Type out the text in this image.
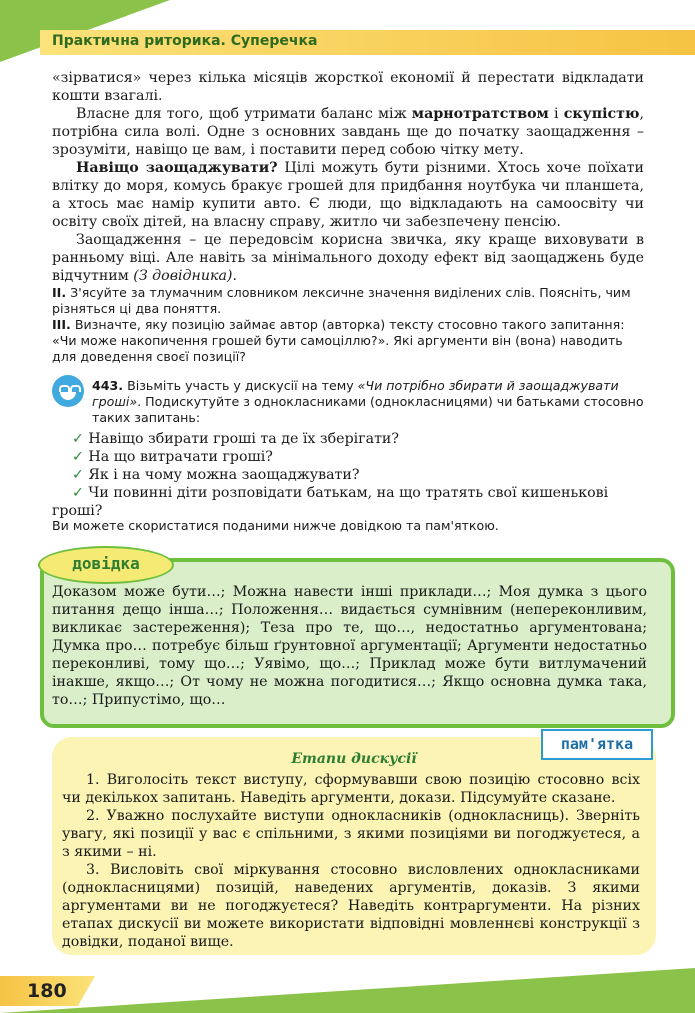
Практична риторика. Суперечка

«зірватися» через кілька місяців жорсткої економії й перестати відкладати кошти взагалі.

Власне для того, щоб утримати баланс між марнотратством і скупістю, потрібна сила волі. Одне з основних завдань ще до початку заощадження – зрозуміти, навіщо це вам, і поставити перед собою чітку мету.

Навіщо заощаджувати? Цілі можуть бути різними. Хтось хоче поїхати влітку до моря, комусь бракує грошей для придбання ноутбука чи планшета, а хтось має намір купити авто. Є люди, що відкладають на самоосвіту чи освіту своїх дітей, на власну справу, житло чи забезпечену пенсію.

Заощадження – це передовсім корисна звичка, яку краще виховувати в ранньому віці. Але навіть за мінімального доходу ефект від заощаджень буде відчутним (З довідника).

II. З'ясуйте за тлумачним словником лексичне значення виділених слів. Поясніть, чим різняться ці два поняття.
III. Визначте, яку позицію займає автор (авторка) тексту стосовно такого запитання: «Чи може накопичення грошей бути самоціллю?». Які аргументи він (вона) наводить для доведення своєї позиції?
443. Візьміть участь у дискусії на тему «Чи потрібно збирати й заощаджувати гроші». Подискутуйте з однокласниками (однокласницями) чи батьками стосовно таких запитань:
✓ Навіщо збирати гроші та де їх зберігати?
✓ На що витрачати гроші?
✓ Як і на чому можна заощаджувати?
✓ Чи повинні діти розповідати батькам, на що тратять свої кишенькові гроші?
Ви можете скористатися поданими нижче довідкою та пам'яткою.
довідка
Доказом може бути…; Можна навести інші приклади…; Моя думка з цього питання дещо інша…; Положення… видається сумнівним (непереконливим, викликає застереження); Теза про те, що…, недостатньо аргументована; Думка про… потребує більш ґрунтовної аргументації; Аргументи недостатньо переконливі, тому що…; Уявімо, що…; Приклад може бути витлумачений інакше, якщо…; От чому не можна погодитися…; Якщо основна думка така, то…; Припустімо, що…
пам'ятка
Етапи дискусії

1. Виголосіть текст виступу, сформувавши свою позицію стосовно всіх чи декількох запитань. Наведіть аргументи, докази. Підсумуйте сказане.

2. Уважно послухайте виступи однокласників (однокласниць). Зверніть увагу, які позиції у вас є спільними, з якими позиціями ви погоджуєтеся, а з якими – ні.

3. Висловіть свої міркування стосовно висловлених однокласниками (однокласницями) позицій, наведених аргументів, доказів. З якими аргументами ви не погоджуєтеся? Наведіть контраргументи. На різних етапах дискусії ви можете використати відповідні мовленнєві конструкції з довідки, поданої вище.

180
